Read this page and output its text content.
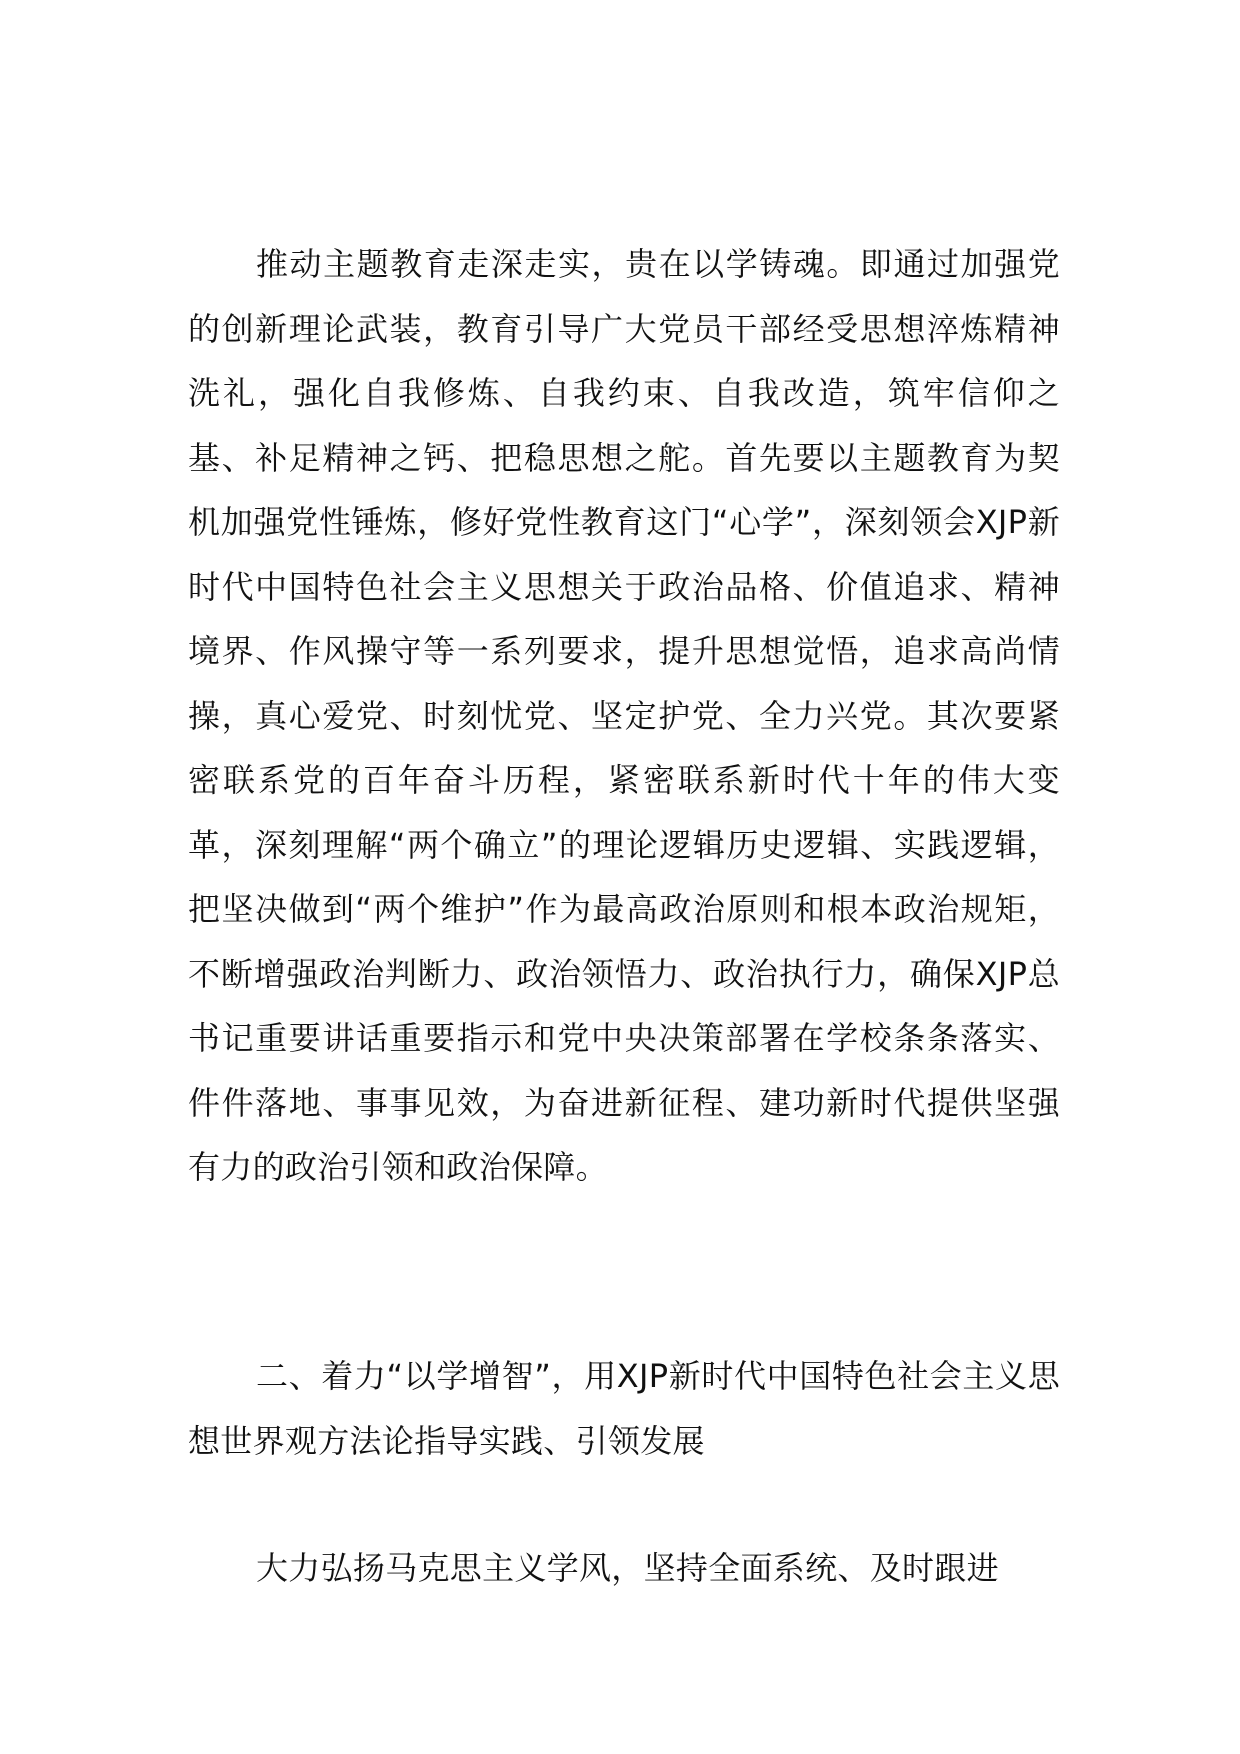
推动主题教育走深走实，贵在以学铸魂。即通过加强党的创新理论武装，教育引导广大党员干部经受思想淬炼精神洗礼，强化自我修炼、自我约束、自我改造，筑牢信仰之基、补足精神之钙、把稳思想之舵。首先要以主题教育为契机加强党性锤炼，修好党性教育这门“心学”，深刻领会XJP新时代中国特色社会主义思想关于政治品格、价值追求、精神境界、作风操守等一系列要求，提升思想觉悟，追求高尚情操，真心爱党、时刻忧党、坚定护党、全力兴党。其次要紧密联系党的百年奋斗历程，紧密联系新时代十年的伟大变革，深刻理解“两个确立”的理论逻辑历史逻辑、实践逻辑，把坚决做到“两个维护”作为最高政治原则和根本政治规矩，不断增强政治判断力、政治领悟力、政治执行力，确保XJP总书记重要讲话重要指示和党中央决策部署在学校条条落实、件件落地、事事见效，为奋进新征程、建功新时代提供坚强有力的政治引领和政治保障。

二、着力“以学增智”，用XJP新时代中国特色社会主义思想世界观方法论指导实践、引领发展

大力弘扬马克思主义学风，坚持全面系统、及时跟进
